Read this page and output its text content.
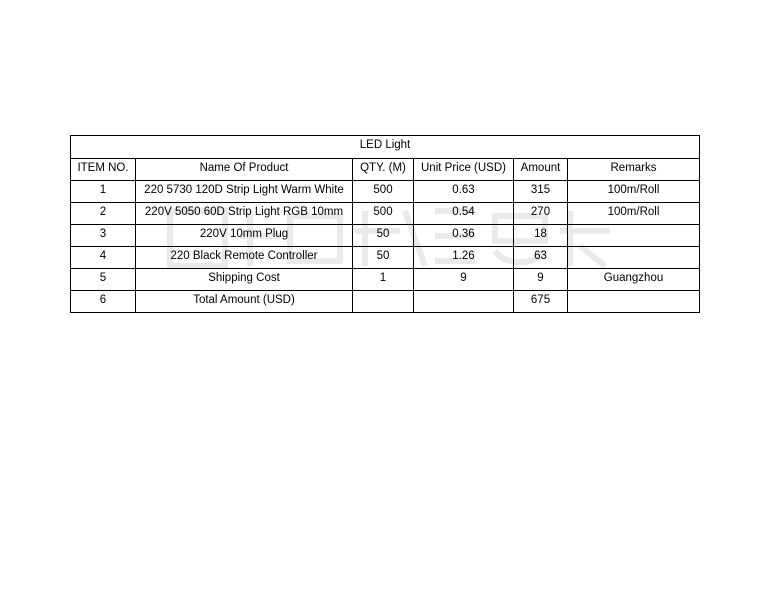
LED Light					
ITEM NO.	Name Of Product	QTY. (M)	Unit Price (USD)	Amount	Remarks
1	220 5730 120D Strip Light Warm White	500	0.63	315	100m/Roll
2	220V 5050 60D Strip Light RGB 10mm	500	0.54	270	100m/Roll
3	220V 10mm Plug	50	0.36	18	
4	220 Black Remote Controller	50	1.26	63	
5	Shipping Cost	1	9	9	Guangzhou
6	Total Amount (USD)			675	
